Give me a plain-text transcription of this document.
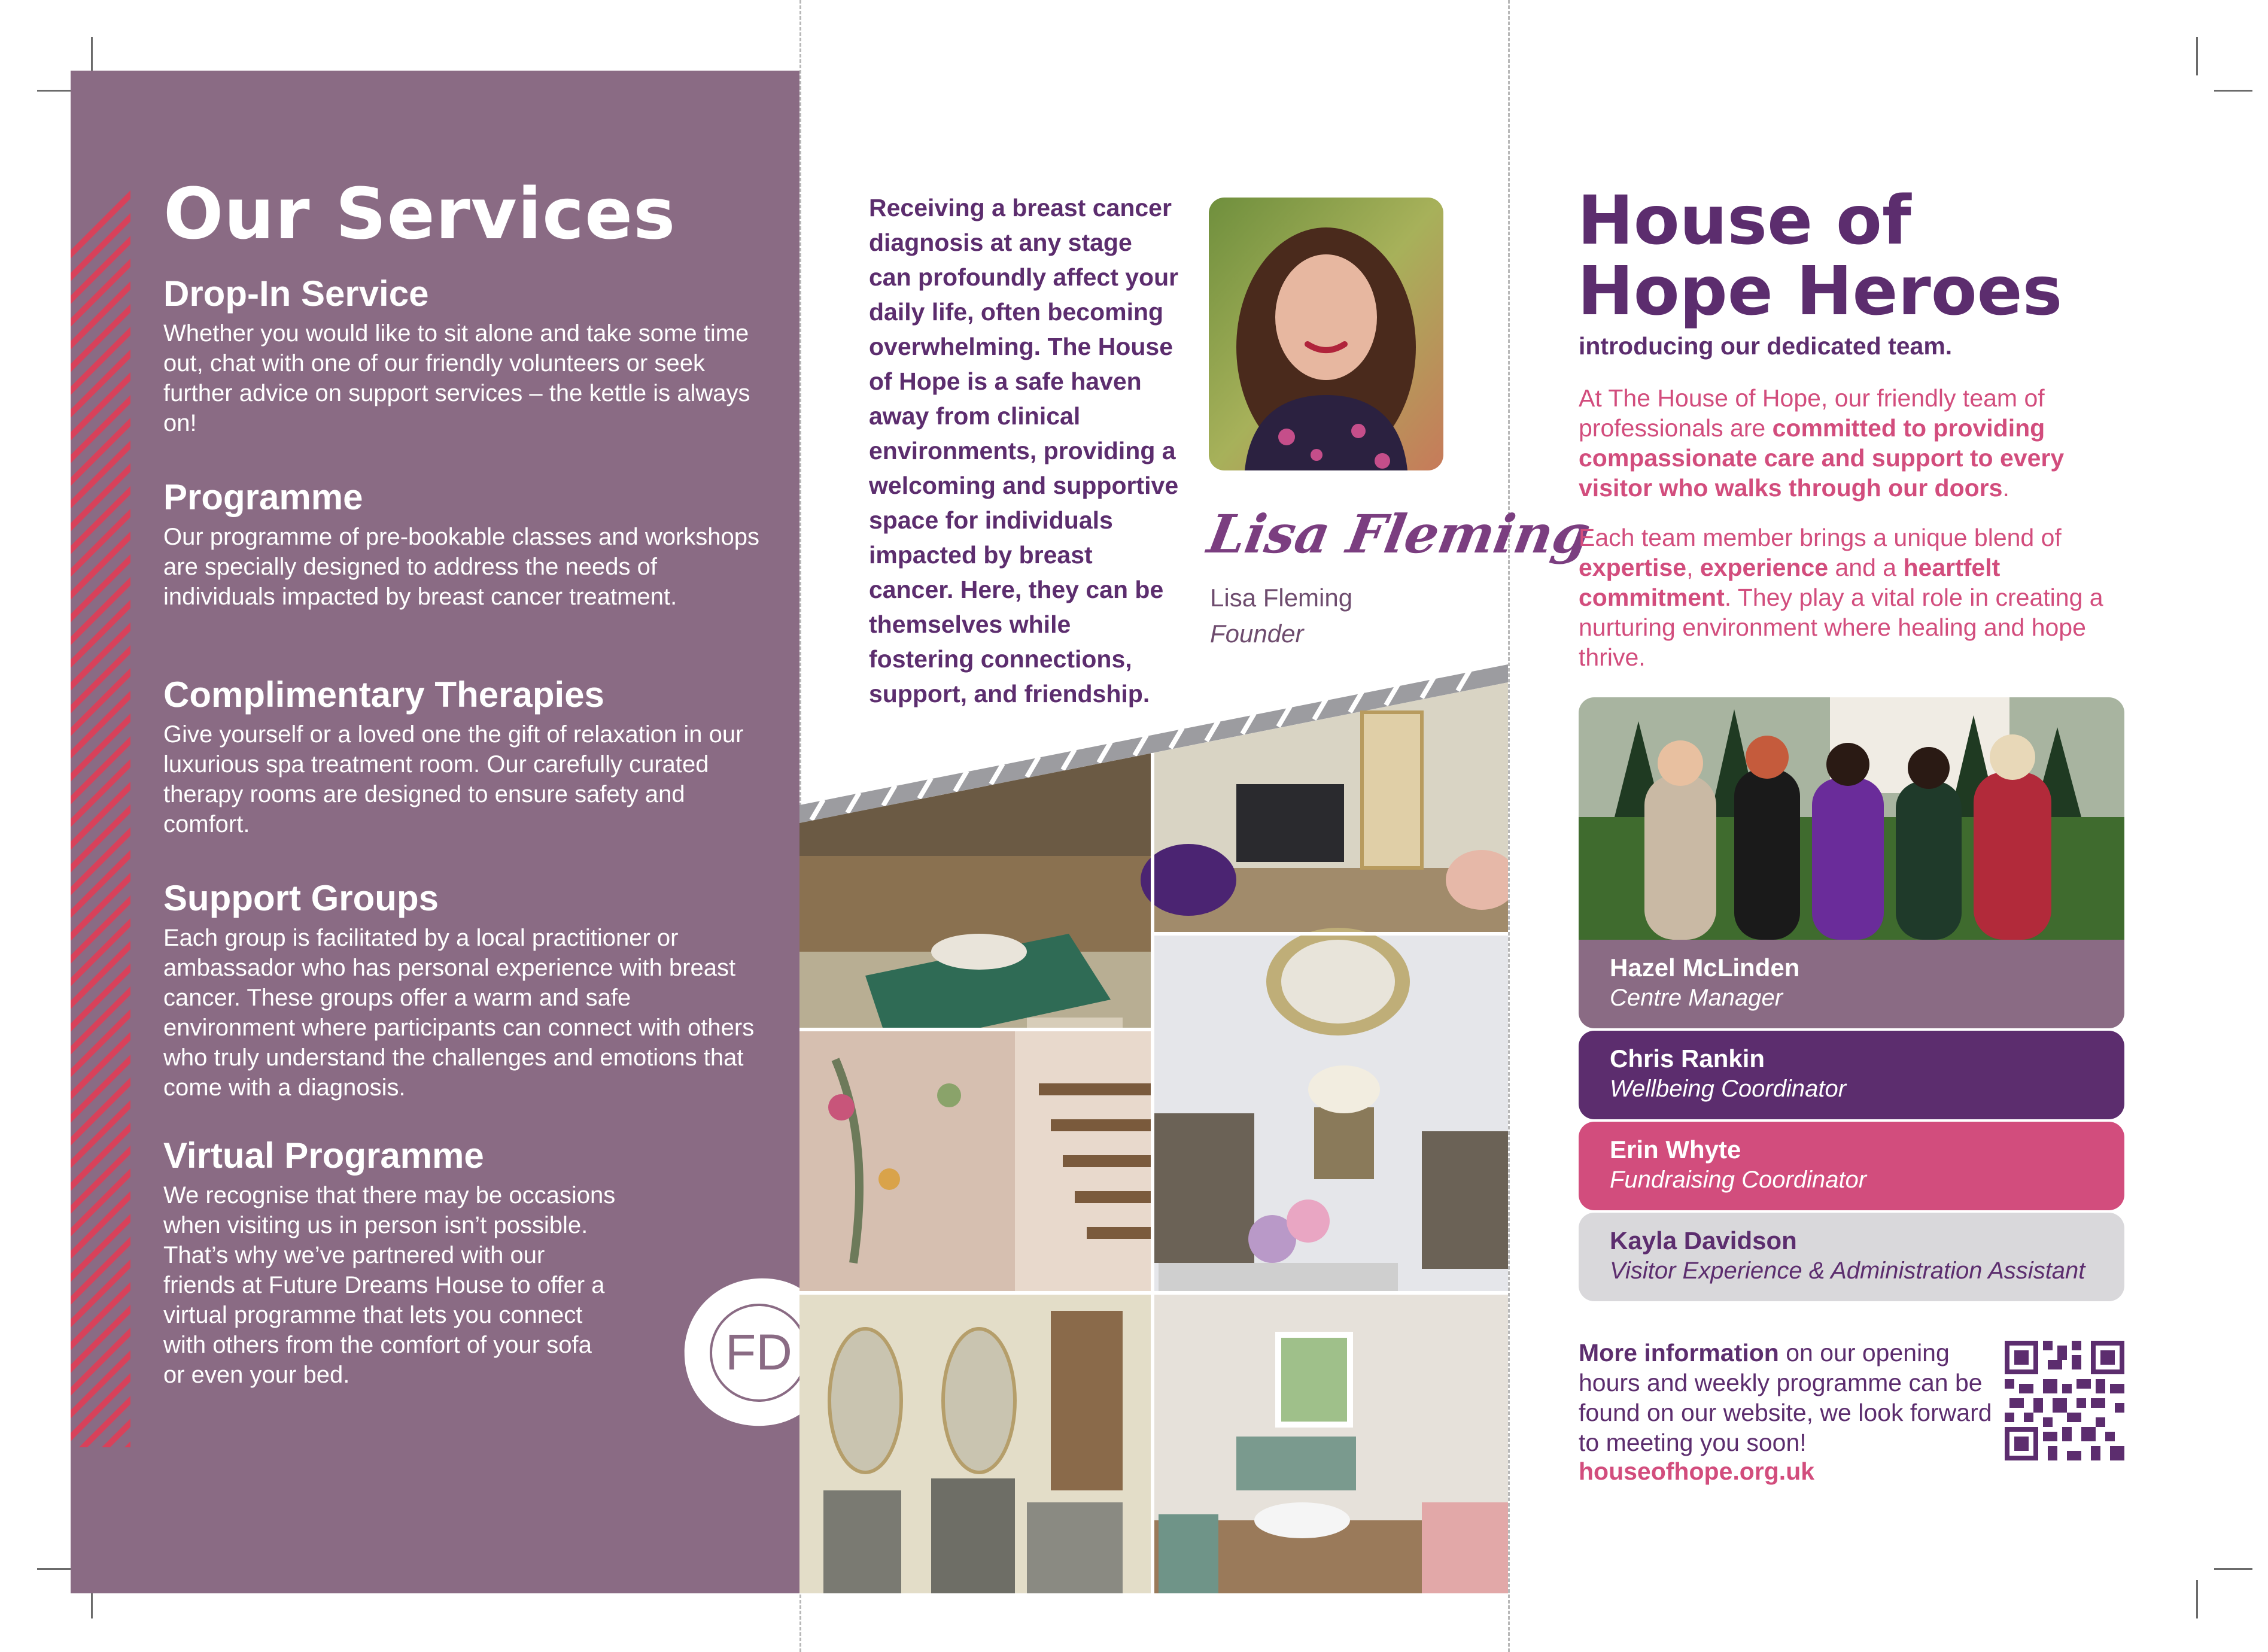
Our Services
Drop-In Service

Whether you would like to sit alone and take some time out, chat with one of our friendly volunteers or seek further advice on support services – the kettle is always on!

Programme

Our programme of pre-bookable classes and workshops are specially designed to address the needs of individuals impacted by breast cancer treatment.

Complimentary Therapies

Give yourself or a loved one the gift of relaxation in our luxurious spa treatment room. Our carefully curated therapy rooms are designed to ensure safety and comfort.

Support Groups

Each group is facilitated by a local practitioner or ambassador who has personal experience with breast cancer. These groups offer a warm and safe environment where participants can connect with others who truly understand the challenges and emotions that come with a diagnosis.

Virtual Programme

We recognise that there may be occasions when visiting us in person isn’t possible. That’s why we’ve partnered with our friends at Future Dreams House to offer a virtual programme that lets you connect with others from the comfort of your sofa or even your bed.	FD

Receiving a breast cancer diagnosis at any stage can profoundly affect your daily life, often becoming overwhelming. The House of Hope is a safe haven away from clinical environments, providing a welcoming and supportive space for individuals impacted by breast cancer. Here, they can be themselves while fostering connections, support, and friendship.

Lisa Fleming
Lisa Fleming
Founder
House of
Hope Heroes
introducing our dedicated team.

At The House of Hope, our friendly team of professionals are committed to providing compassionate care and support to every visitor who walks through our doors.

Each team member brings a unique blend of expertise, experience and a heartfelt commitment. They play a vital role in creating a nurturing environment where healing and hope thrive.

Hazel McLinden
Centre Manager
Chris Rankin
Wellbeing Coordinator
Erin Whyte
Fundraising Coordinator
Kayla Davidson
Visitor Experience & Administration Assistant

More information on our opening hours and weekly programme can be found on our website, we look forward to meeting you soon!

houseofhope.org.uk
